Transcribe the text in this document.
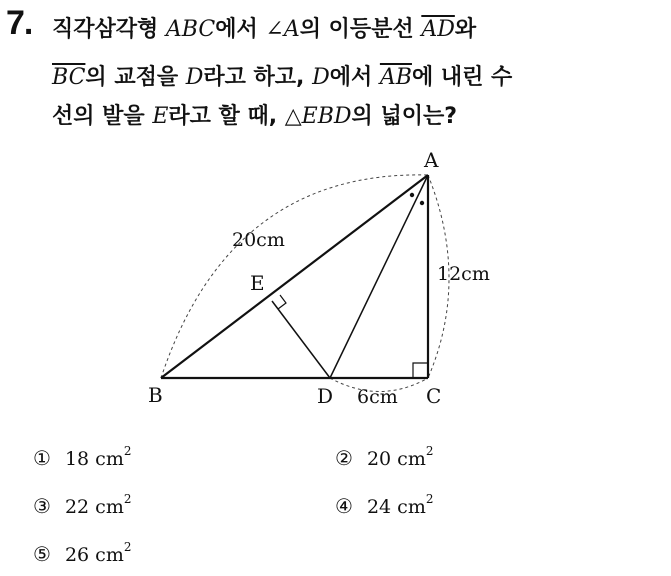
7. 직각삼각형 ABC에서 ∠A의 이등분선 $\overline{AD}$와
$\overline{BC}$의 교점을 D라고 하고, D에서 $\overline{AB}$에 내린 수
선의 발을 E라고 할 때, △EBD의 넓이는?
A
B	C
D
E
20cm
12cm
6cm
① 18 $cm^2$	② 20 $cm^2$
③ 22 $cm^2$	④ 24 $cm^2$
⑤ 26 $cm^2$
